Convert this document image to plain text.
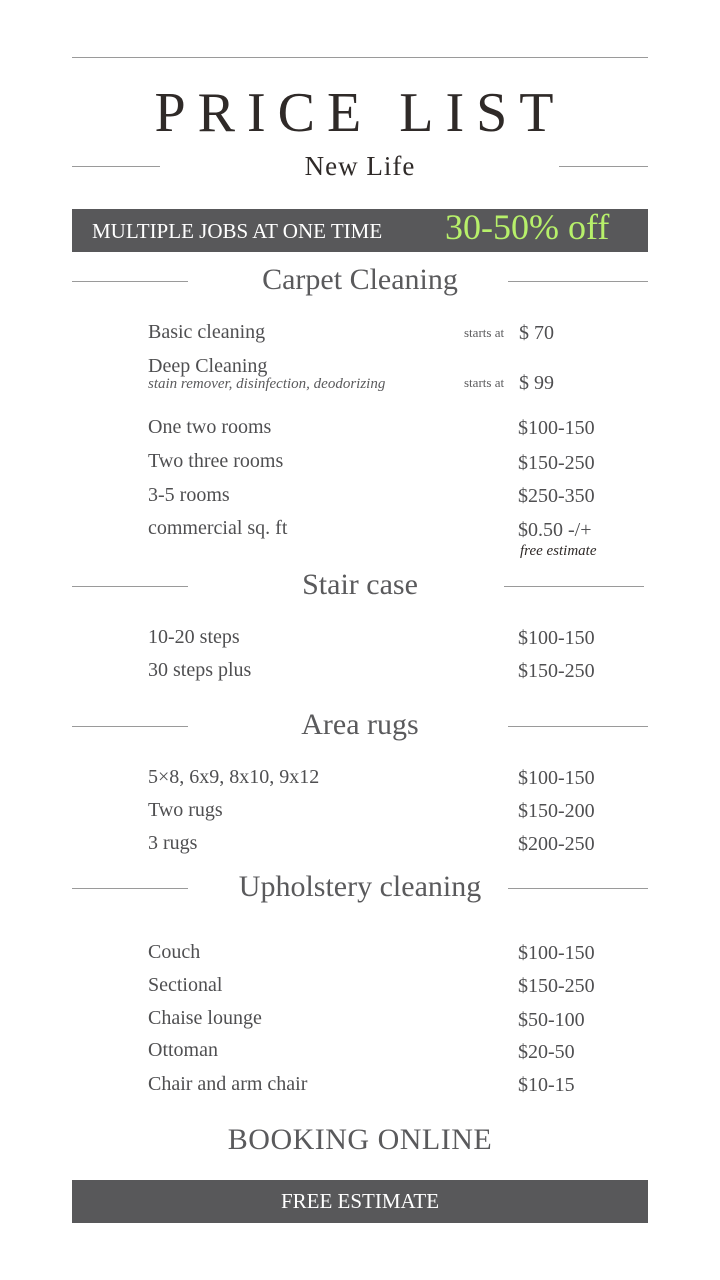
PRICE LIST
New Life
MULTIPLE JOBS AT ONE TIME 30-50% off
Carpet Cleaning
Basic cleaning	starts at $ 70
Deep Cleaning
stain remover, disinfection, deodorizing	starts at $ 99
One two rooms	$100-150
Two three rooms	$150-250
3-5 rooms	$250-350
commercial sq. ft	$0.50 -/+
free estimate
Stair case
10-20 steps	$100-150
30 steps plus	$150-250
Area rugs
5×8, 6x9, 8x10, 9x12	$100-150
Two rugs	$150-200
3 rugs	$200-250
Upholstery cleaning
Couch	$100-150
Sectional	$150-250
Chaise lounge	$50-100
Ottoman	$20-50
Chair and arm chair	$10-15
BOOKING ONLINE
FREE ESTIMATE
